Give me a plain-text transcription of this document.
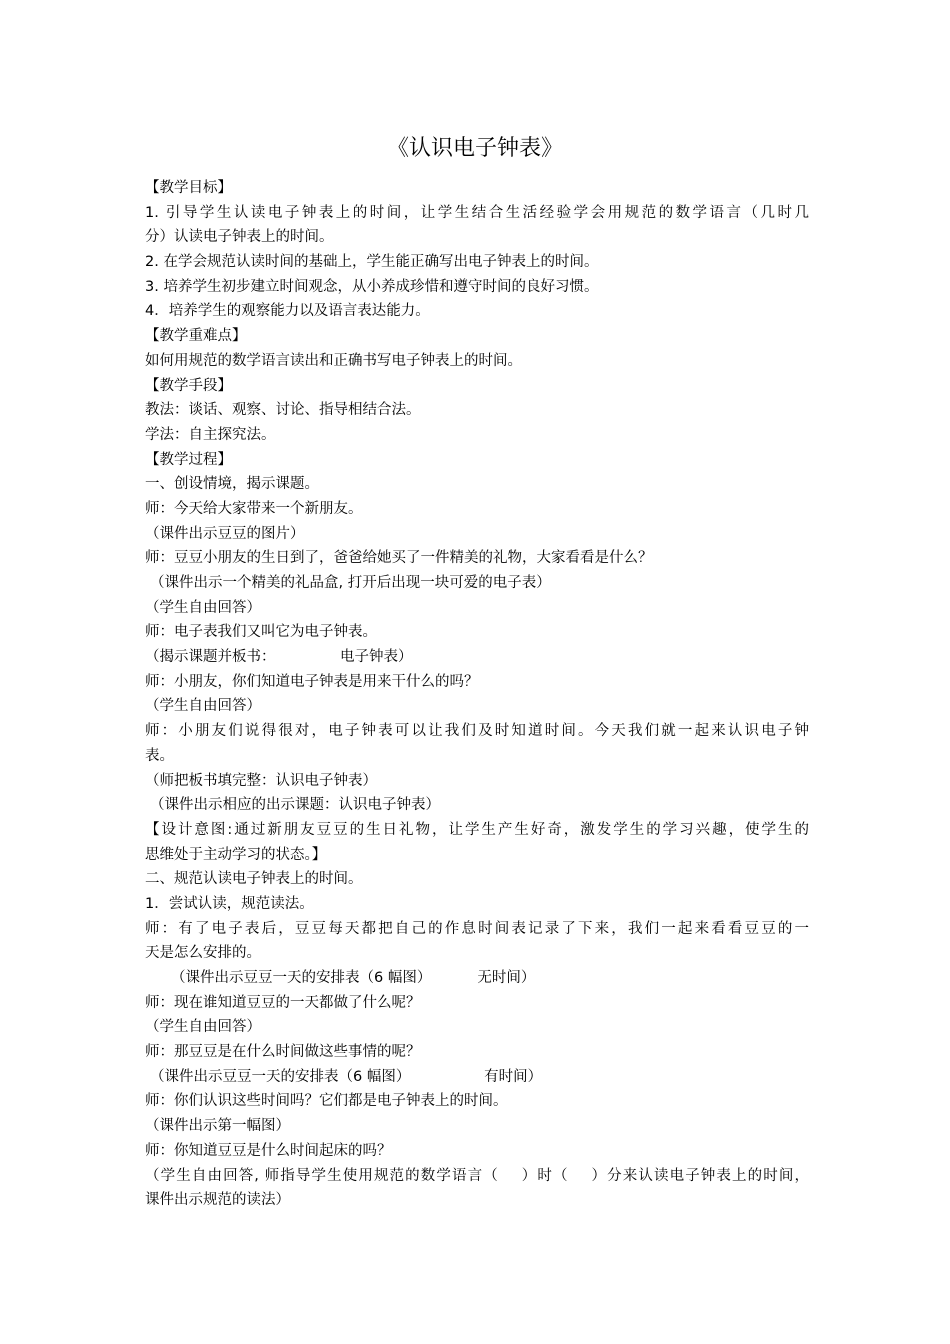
《认识电子钟表》
【教学目标】
1. 引导学生认读电子钟表上的时间，让学生结合生活经验学会用规范的数学语言（几时几
分）认读电子钟表上的时间。
2. 在学会规范认读时间的基础上，学生能正确写出电子钟表上的时间。
3. 培养学生初步建立时间观念，从小养成珍惜和遵守时间的良好习惯。
4．培养学生的观察能力以及语言表达能力。
【教学重难点】
如何用规范的数学语言读出和正确书写电子钟表上的时间。
【教学手段】
教法：谈话、观察、讨论、指导相结合法。
学法：自主探究法。
【教学过程】
一、创设情境，揭示课题。
师：今天给大家带来一个新朋友。
（课件出示豆豆的图片）
师：豆豆小朋友的生日到了，爸爸给她买了一件精美的礼物，大家看看是什么？
（课件出示一个精美的礼品盒, 打开后出现一块可爱的电子表）
（学生自由回答）
师：电子表我们又叫它为电子钟表。
（揭示课题并板书：              电子钟表）
师：小朋友，你们知道电子钟表是用来干什么的吗？
（学生自由回答）
师：小朋友们说得很对，电子钟表可以让我们及时知道时间。今天我们就一起来认识电子钟
表。
（师把板书填完整：认识电子钟表）
（课件出示相应的出示课题：认识电子钟表）
【设计意图:通过新朋友豆豆的生日礼物，让学生产生好奇，激发学生的学习兴趣，使学生的
思维处于主动学习的状态。】
二、规范认读电子钟表上的时间。
1．尝试认读，规范读法。
师：有了电子表后，豆豆每天都把自己的作息时间表记录了下来，我们一起来看看豆豆的一
天是怎么安排的。
（课件出示豆豆一天的安排表（6 幅图）          无时间）
师：现在谁知道豆豆的一天都做了什么呢？
（学生自由回答）
师：那豆豆是在什么时间做这些事情的呢？
（课件出示豆豆一天的安排表（6 幅图）                有时间）
师：你们认识这些时间吗？它们都是电子钟表上的时间。
（课件出示第一幅图）
师：你知道豆豆是什么时间起床的吗？
（学生自由回答, 师指导学生使用规范的数学语言（    ）时（    ）分来认读电子钟表上的时间，
课件出示规范的读法）
